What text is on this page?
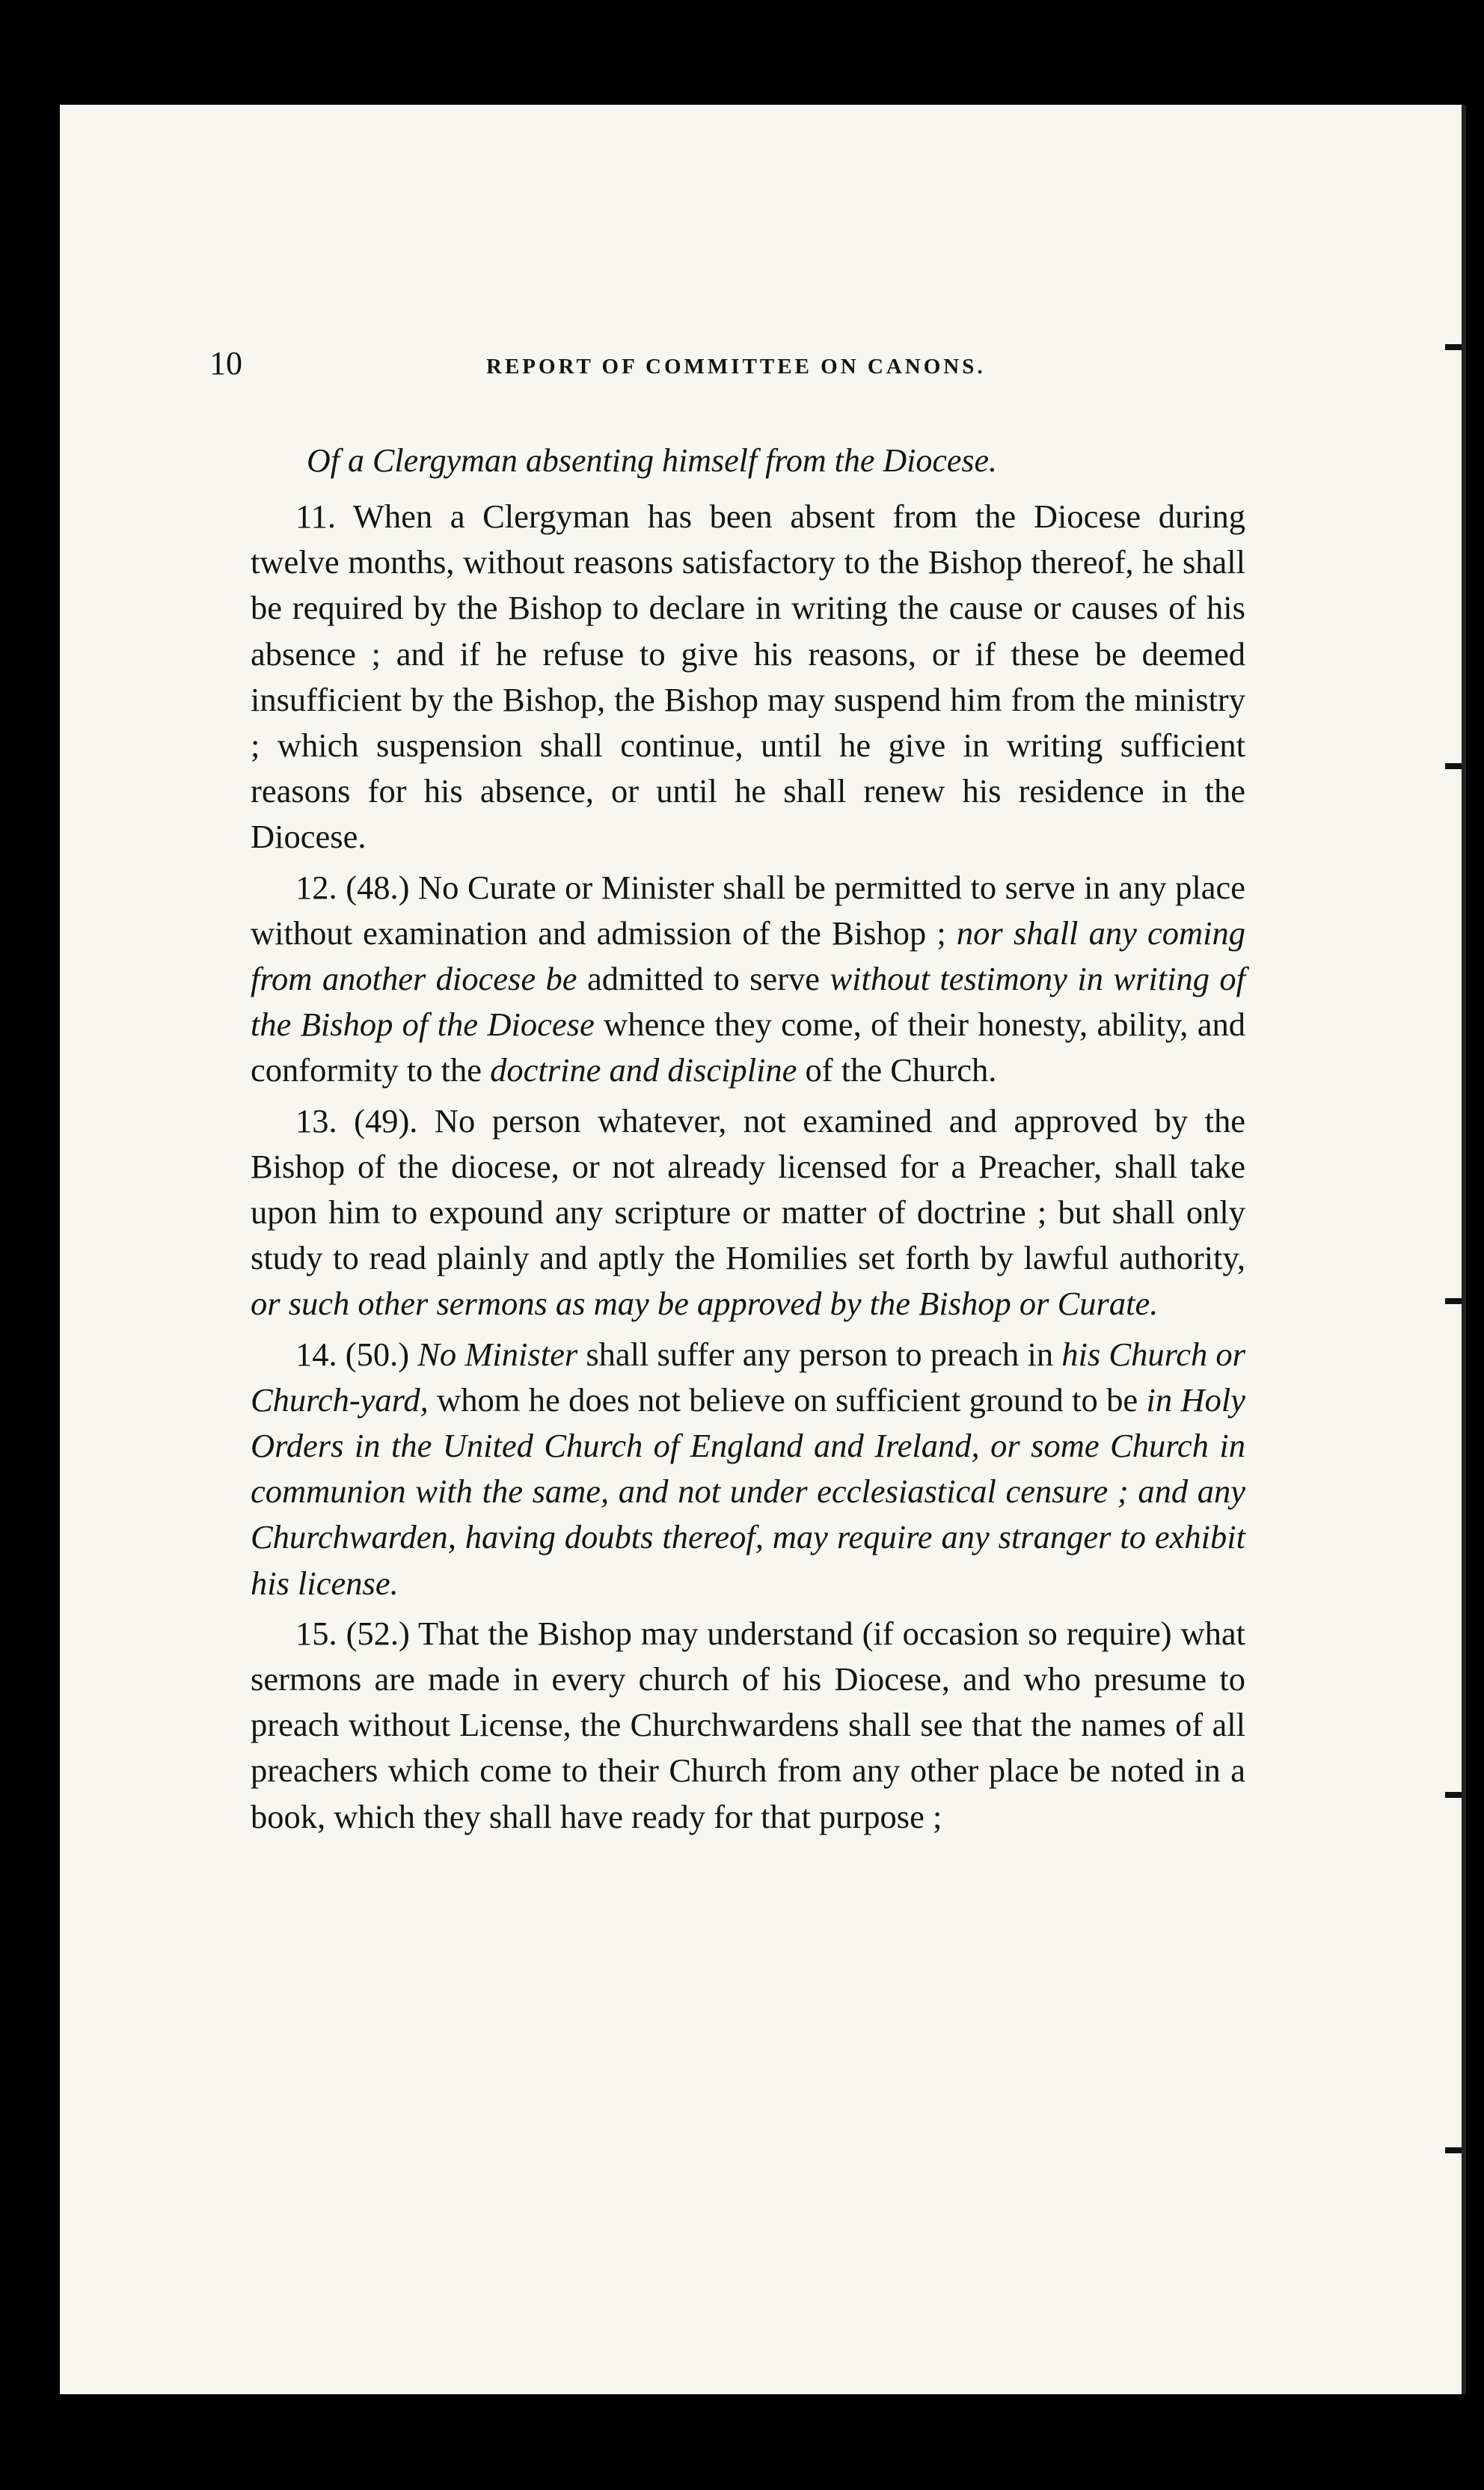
10	REPORT OF COMMITTEE ON CANONS.
Of a Clergyman absenting himself from the Diocese.

11. When a Clergyman has been absent from the Diocese during twelve months, without reasons satisfactory to the Bishop thereof, he shall be required by the Bishop to declare in writing the cause or causes of his absence ; and if he refuse to give his reasons, or if these be deemed insufficient by the Bishop, the Bishop may suspend him from the ministry ; which suspension shall continue, until he give in writing sufficient reasons for his absence, or until he shall renew his residence in the Diocese.

12. (48.) No Curate or Minister shall be permitted to serve in any place without examination and admission of the Bishop ; nor shall any coming from another diocese be admitted to serve without testimony in writing of the Bishop of the Diocese whence they come, of their honesty, ability, and conformity to the doctrine and discipline of the Church.

13. (49). No person whatever, not examined and approved by the Bishop of the diocese, or not already licensed for a Preacher, shall take upon him to expound any scripture or matter of doctrine ; but shall only study to read plainly and aptly the Homilies set forth by lawful authority, or such other sermons as may be approved by the Bishop or Curate.

14. (50.) No Minister shall suffer any person to preach in his Church or Church-yard, whom he does not believe on sufficient ground to be in Holy Orders in the United Church of England and Ireland, or some Church in communion with the same, and not under ecclesiastical censure ; and any Churchwarden, having doubts thereof, may require any stranger to exhibit his license.

15. (52.) That the Bishop may understand (if occasion so require) what sermons are made in every church of his Diocese, and who presume to preach without License, the Churchwardens shall see that the names of all preachers which come to their Church from any other place be noted in a book, which they shall have ready for that purpose ;
